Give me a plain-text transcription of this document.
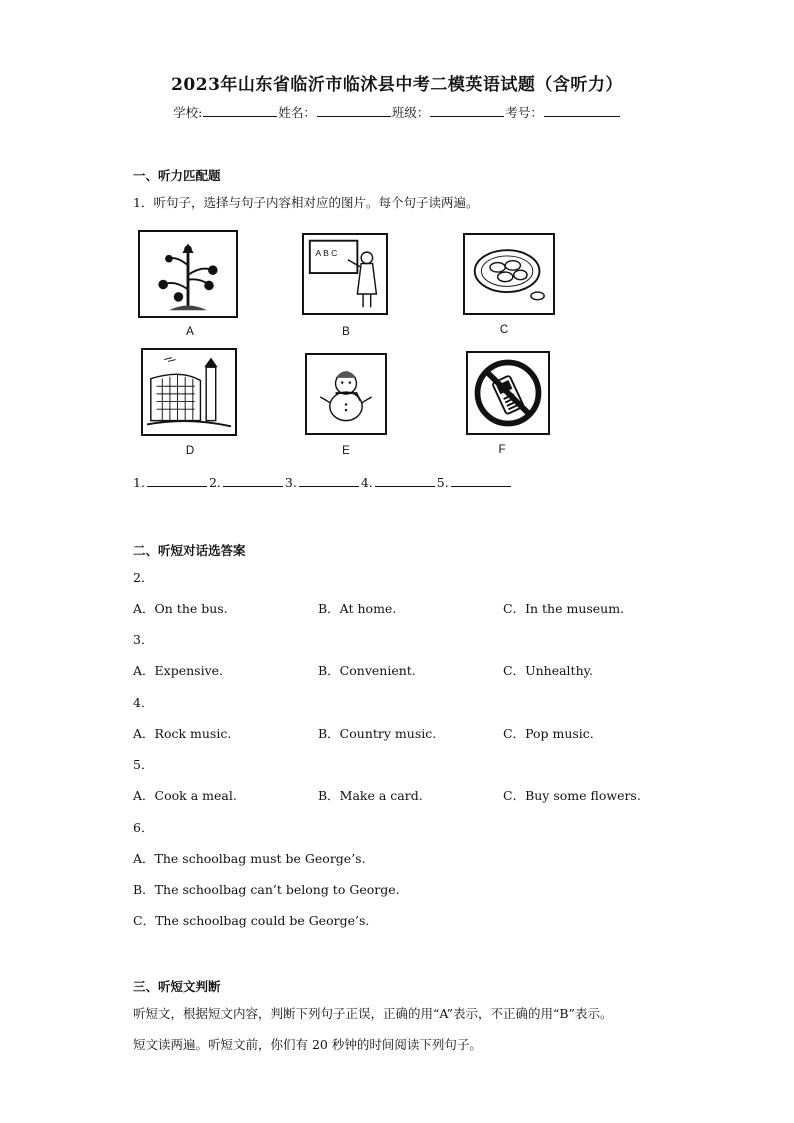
2023年山东省临沂市临沭县中考二模英语试题（含听力）
学校:	姓名：	班级：	考号：
一、听力匹配题
1．听句子，选择与句子内容相对应的图片。每个句子读两遍。
A
A B C
B	C
D	E	F
1.	2.	3.	4.	5.
二、听短对话选答案
2．
A．On the bus.	B．At home.	C．In the museum.
3．
A．Expensive.	B．Convenient.	C．Unhealthy.
4．
A．Rock music.	B．Country music.	C．Pop music.
5．
A．Cook a meal.	B．Make a card.	C．Buy some flowers.
6．
A．The schoolbag must be George’s.
B．The schoolbag can’t belong to George.
C．The schoolbag could be George’s.
三、听短文判断
听短文，根据短文内容，判断下列句子正误，正确的用“A”表示，不正确的用“B”表示。
短文读两遍。听短文前，你们有 20 秒钟的时间阅读下列句子。
